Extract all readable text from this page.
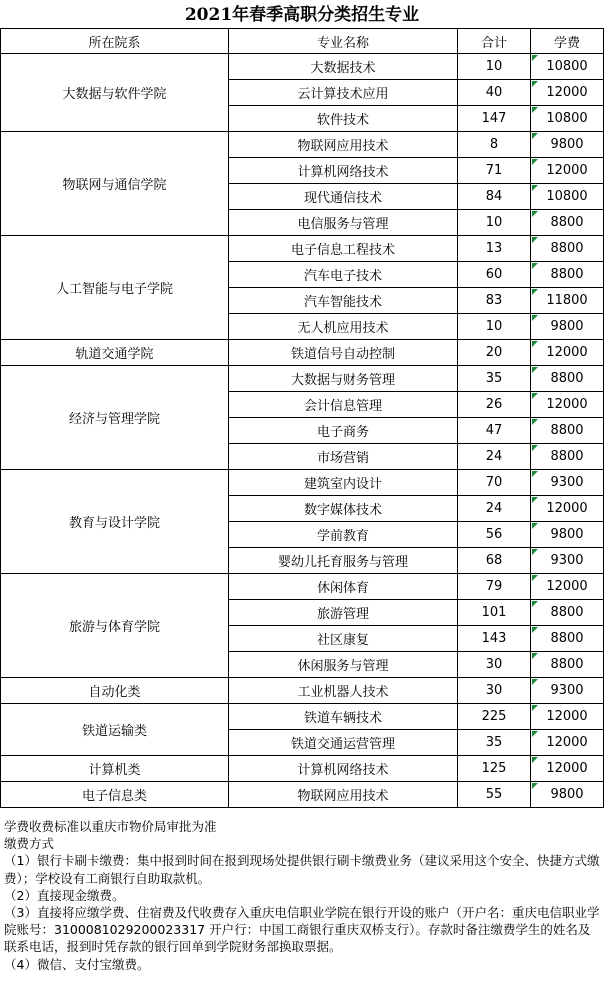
2021年春季高职分类招生专业
所在院系	专业名称	合计	学费
大数据与软件学院	大数据技术	10	10800
	云计算技术应用	40	12000
	软件技术	147	10800
物联网与通信学院	物联网应用技术	8	9800
	计算机网络技术	71	12000
	现代通信技术	84	10800
	电信服务与管理	10	8800
人工智能与电子学院	电子信息工程技术	13	8800
	汽车电子技术	60	8800
	汽车智能技术	83	11800
	无人机应用技术	10	9800
轨道交通学院	铁道信号自动控制	20	12000
经济与管理学院	大数据与财务管理	35	8800
	会计信息管理	26	12000
	电子商务	47	8800
	市场营销	24	8800
教育与设计学院	建筑室内设计	70	9300
	数字媒体技术	24	12000
	学前教育	56	9800
	婴幼儿托育服务与管理	68	9300
旅游与体育学院	休闲体育	79	12000
	旅游管理	101	8800
	社区康复	143	8800
	休闲服务与管理	30	8800
自动化类	工业机器人技术	30	9300
铁道运输类	铁道车辆技术	225	12000
	铁道交通运营管理	35	12000
计算机类	计算机网络技术	125	12000
电子信息类	物联网应用技术	55	9800

学费收费标准以重庆市物价局审批为准

缴费方式

（1）银行卡刷卡缴费：集中报到时间在报到现场处提供银行刷卡缴费业务（建议采用这个安全、快捷方式缴费）；学校设有工商银行自助取款机。

（2）直接现金缴费。

（3）直接将应缴学费、住宿费及代收费存入重庆电信职业学院在银行开设的账户（开户名：重庆电信职业学院账号：3100081029200023317 开户行：中国工商银行重庆双桥支行）。存款时备注缴费学生的姓名及联系电话，报到时凭存款的银行回单到学院财务部换取票据。

（4）微信、支付宝缴费。
